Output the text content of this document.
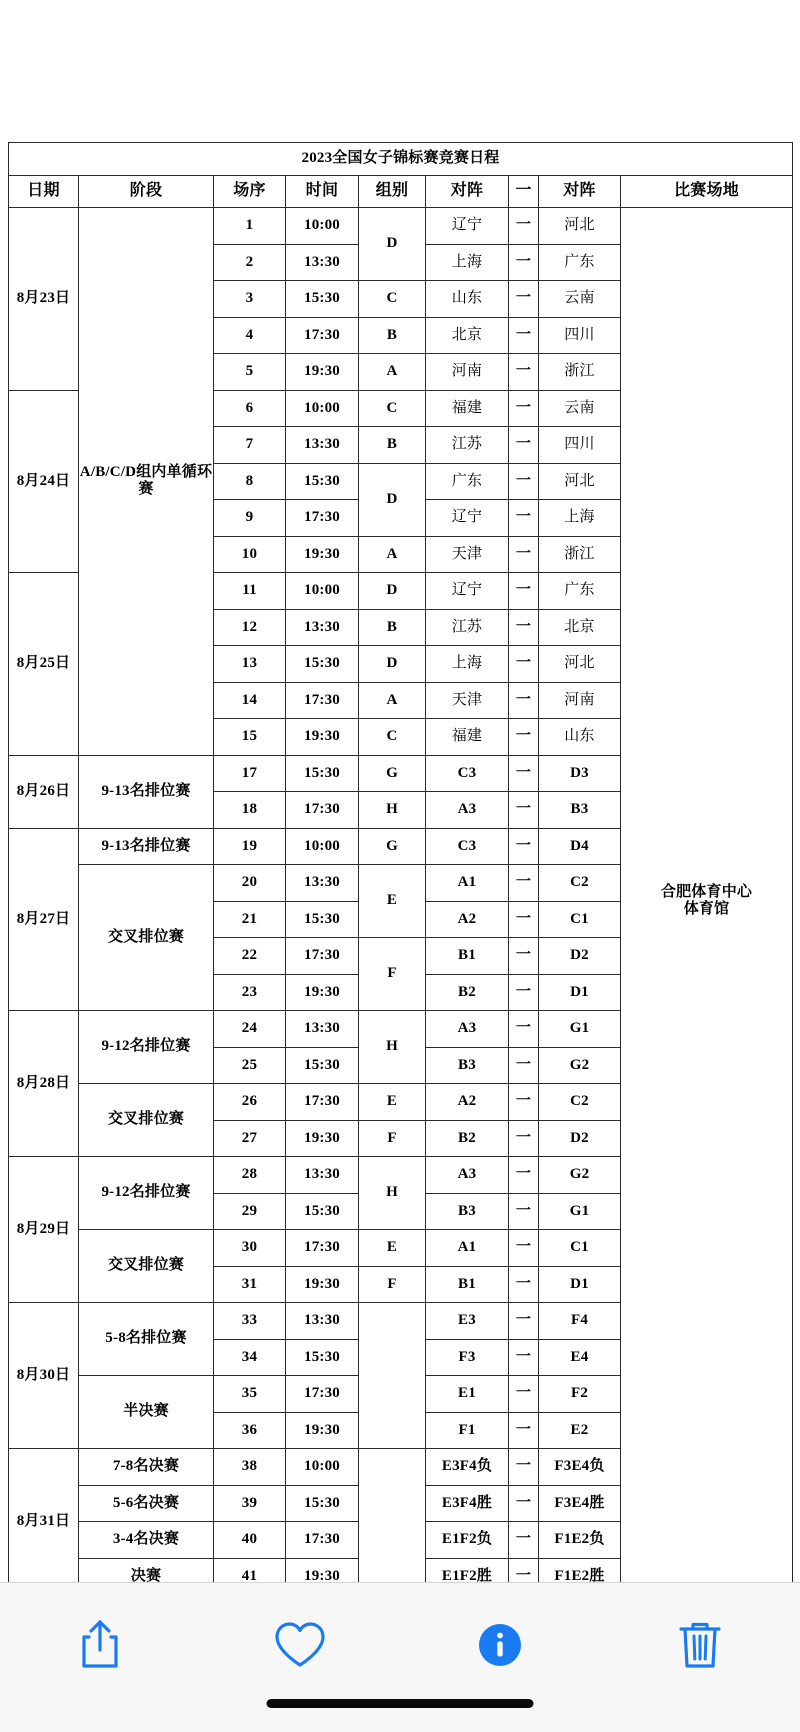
2023全国女子锦标赛竞赛日程								
日期	阶段	场序	时间	组别	对阵	一	对阵	比赛场地
8月23日	A/B/C/D组内单循环赛	1	10:00	D	辽宁	一	河北	合肥体育中心
体育馆
		2	13:30		上海	一	广东	
		3	15:30	C	山东	一	云南	
		4	17:30	B	北京	一	四川	
		5	19:30	A	河南	一	浙江	
8月24日		6	10:00	C	福建	一	云南	
		7	13:30	B	江苏	一	四川	
		8	15:30	D	广东	一	河北	
		9	17:30		辽宁	一	上海	
		10	19:30	A	天津	一	浙江	
8月25日		11	10:00	D	辽宁	一	广东	
		12	13:30	B	江苏	一	北京	
		13	15:30	D	上海	一	河北	
		14	17:30	A	天津	一	河南	
		15	19:30	C	福建	一	山东	
8月26日	9-13名排位赛	17	15:30	G	C3	一	D3	
		18	17:30	H	A3	一	B3	
8月27日	9-13名排位赛	19	10:00	G	C3	一	D4	
	交叉排位赛	20	13:30	E	A1	一	C2	
		21	15:30		A2	一	C1	
		22	17:30	F	B1	一	D2	
		23	19:30		B2	一	D1	
8月28日	9-12名排位赛	24	13:30	H	A3	一	G1	
		25	15:30		B3	一	G2	
	交叉排位赛	26	17:30	E	A2	一	C2	
		27	19:30	F	B2	一	D2	
8月29日	9-12名排位赛	28	13:30	H	A3	一	G2	
		29	15:30		B3	一	G1	
	交叉排位赛	30	17:30	E	A1	一	C1	
		31	19:30	F	B1	一	D1	
8月30日	5-8名排位赛	33	13:30		E3	一	F4	
		34	15:30		F3	一	E4	
	半决赛	35	17:30		E1	一	F2	
		36	19:30		F1	一	E2	
8月31日	7-8名决赛	38	10:00		E3F4负	一	F3E4负	
	5-6名决赛	39	15:30		E3F4胜	一	F3E4胜	
	3-4名决赛	40	17:30		E1F2负	一	F1E2负	
	决赛	41	19:30		E1F2胜	一	F1E2胜	
